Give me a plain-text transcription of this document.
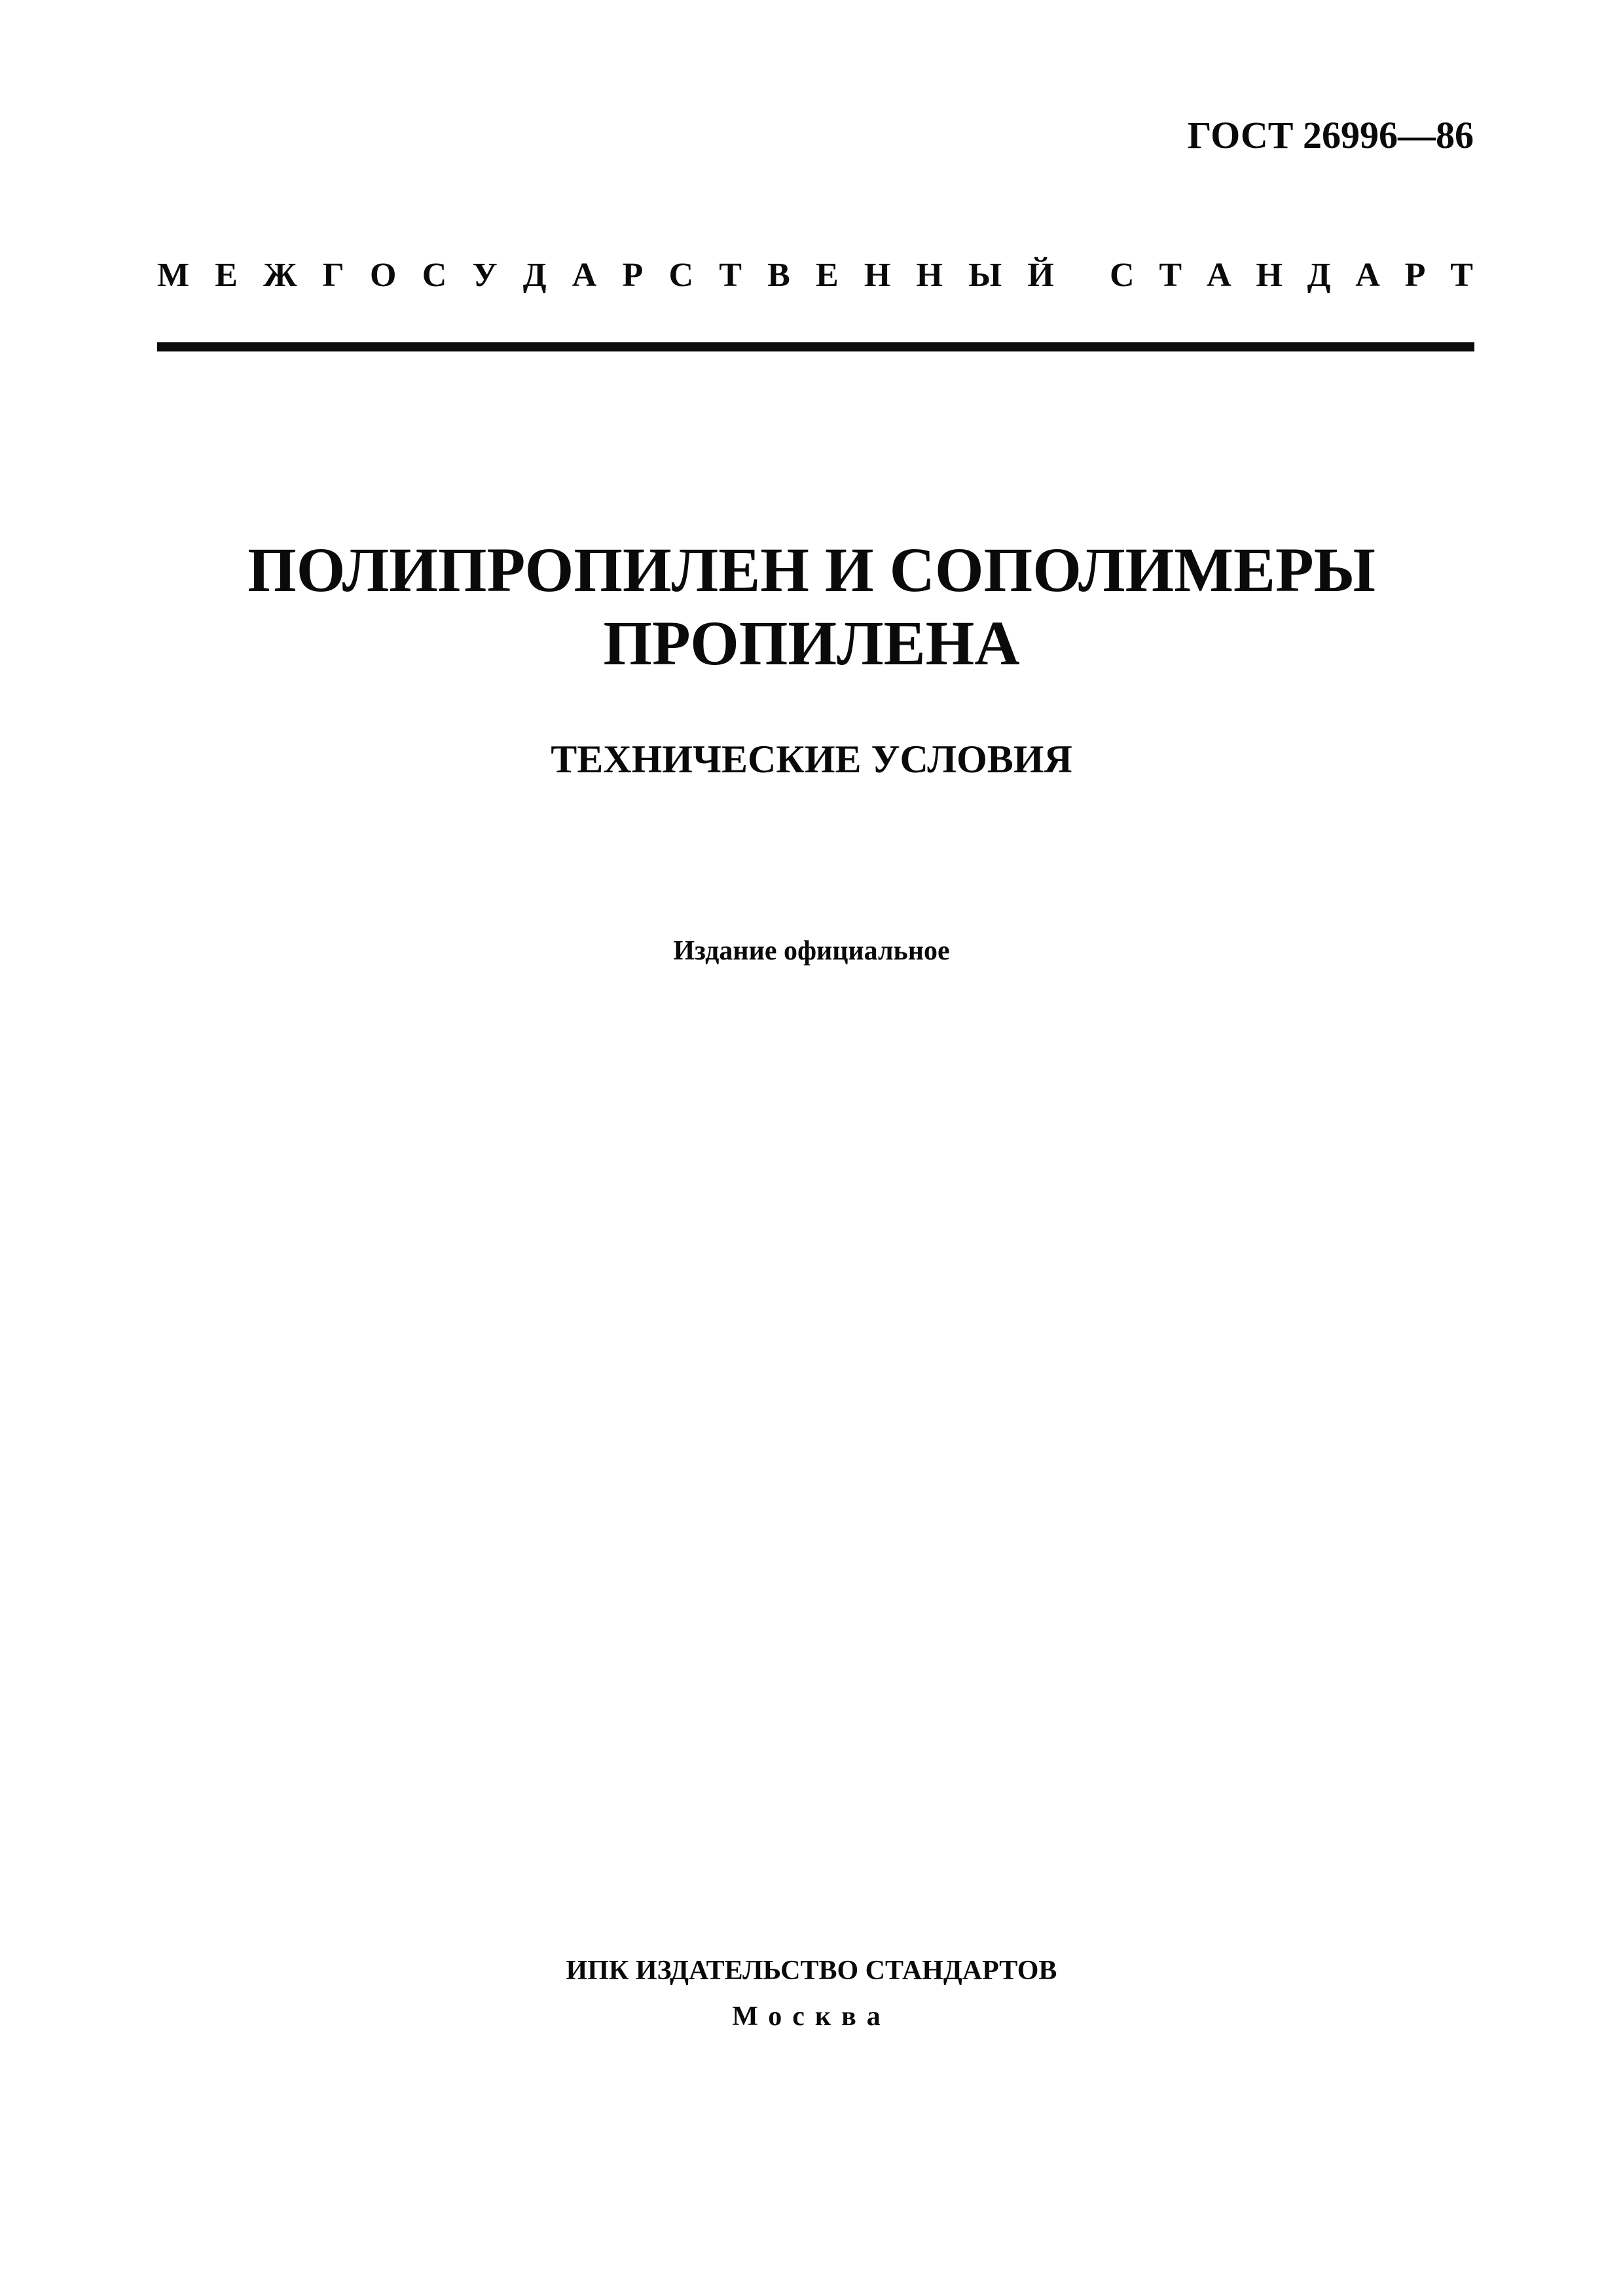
ГОСТ 26996—86
М Е Ж Г О С У Д А Р С Т В Е Н Н Ы Й С Т А Н Д А Р Т
ПОЛИПРОПИЛЕН И СОПОЛИМЕРЫ
ПРОПИЛЕНА
ТЕХНИЧЕСКИЕ УСЛОВИЯ
Издание официальное
ИПК ИЗДАТЕЛЬСТВО СТАНДАРТОВ
Москва
